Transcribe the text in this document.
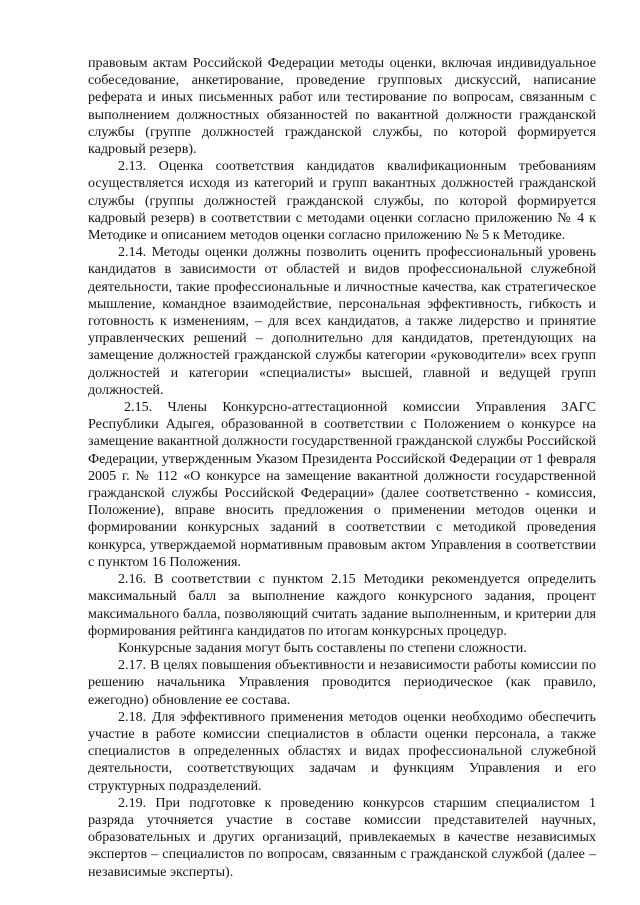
правовым актам Российской Федерации методы оценки, включая индивидуальное собеседование, анкетирование, проведение групповых дискуссий, написание реферата и иных письменных работ или тестирование по вопросам, связанным с выполнением должностных обязанностей по вакантной должности гражданской службы (группе должностей гражданской службы, по которой формируется кадровый резерв).

2.13. Оценка соответствия кандидатов квалификационным требованиям осуществляется исходя из категорий и групп вакантных должностей гражданской службы (группы должностей гражданской службы, по которой формируется кадровый резерв) в соответствии с методами оценки согласно приложению № 4 к Методике и описанием методов оценки согласно приложению № 5 к Методике.

2.14. Методы оценки должны позволить оценить профессиональный уровень кандидатов в зависимости от областей и видов профессиональной служебной деятельности, такие профессиональные и личностные качества, как стратегическое мышление, командное взаимодействие, персональная эффективность, гибкость и готовность к изменениям, – для всех кандидатов, а также лидерство и принятие управленческих решений – дополнительно для кандидатов, претендующих на замещение должностей гражданской службы категории «руководители» всех групп должностей и категории «специалисты» высшей, главной и ведущей групп должностей.

2.15. Члены Конкурсно-аттестационной комиссии Управления ЗАГС Республики Адыгея, образованной в соответствии с Положением о конкурсе на замещение вакантной должности государственной гражданской службы Российской Федерации, утвержденным Указом Президента Российской Федерации от 1 февраля 2005 г. № 112 «О конкурсе на замещение вакантной должности государственной гражданской службы Российской Федерации» (далее соответственно - комиссия, Положение), вправе вносить предложения о применении методов оценки и формировании конкурсных заданий в соответствии с методикой проведения конкурса, утверждаемой нормативным правовым актом Управления в соответствии с пунктом 16 Положения.

2.16. В соответствии с пунктом 2.15 Методики рекомендуется определить максимальный балл за выполнение каждого конкурсного задания, процент максимального балла, позволяющий считать задание выполненным, и критерии для формирования рейтинга кандидатов по итогам конкурсных процедур.

Конкурсные задания могут быть составлены по степени сложности.

2.17. В целях повышения объективности и независимости работы комиссии по решению начальника Управления проводится периодическое (как правило, ежегодно) обновление ее состава.

2.18. Для эффективного применения методов оценки необходимо обеспечить участие в работе комиссии специалистов в области оценки персонала, а также специалистов в определенных областях и видах профессиональной служебной деятельности, соответствующих задачам и функциям Управления и его структурных подразделений.

2.19. При подготовке к проведению конкурсов старшим специалистом 1 разряда уточняется участие в составе комиссии представителей научных, образовательных и других организаций, привлекаемых в качестве независимых экспертов – специалистов по вопросам, связанным с гражданской службой (далее – независимые эксперты).
